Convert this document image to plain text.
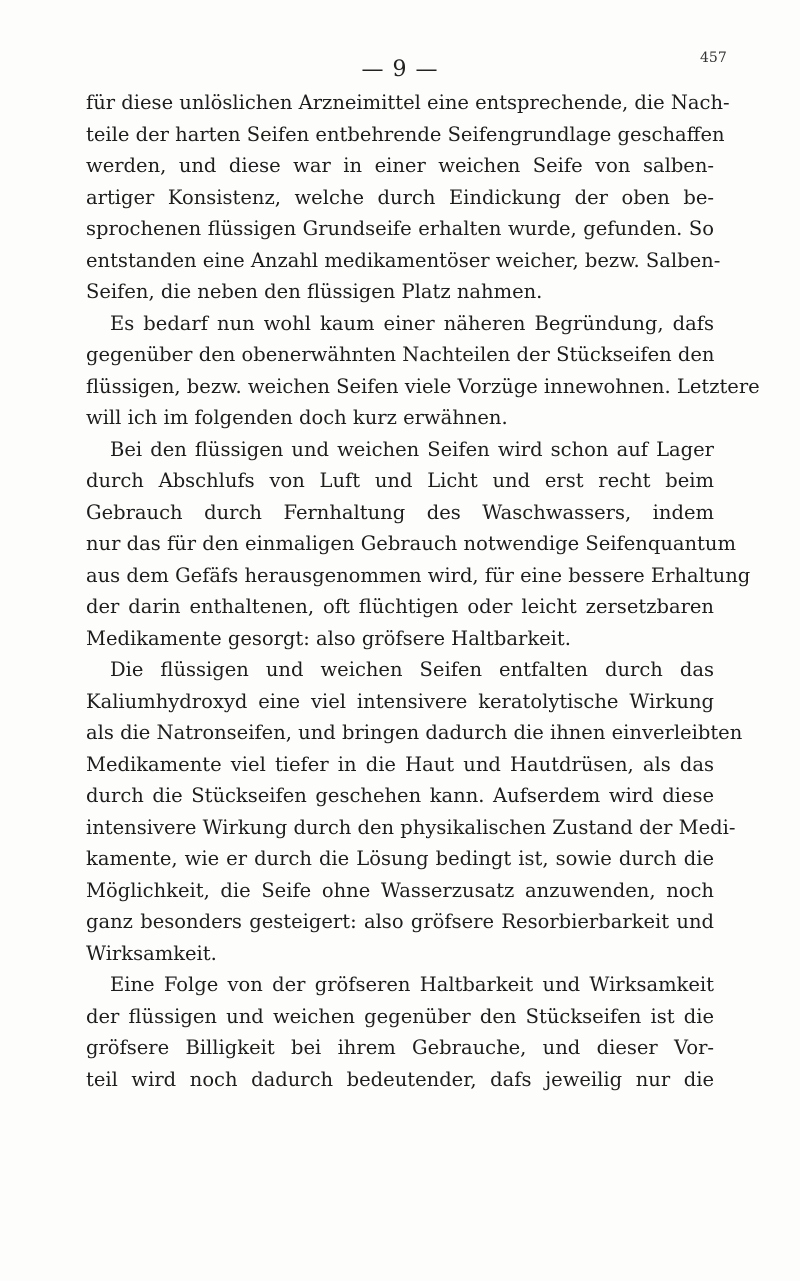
— 9 —	457
für diese unlöslichen Arzneimittel eine entsprechende, die Nach-
teile der harten Seifen entbehrende Seifengrundlage geschaffen
werden, und diese war in einer weichen Seife von salben-
artiger Konsistenz, welche durch Eindickung der oben be-
sprochenen flüssigen Grundseife erhalten wurde, gefunden. So
entstanden eine Anzahl medikamentöser weicher, bezw. Salben-
Seifen, die neben den flüssigen Platz nahmen.
Es bedarf nun wohl kaum einer näheren Begründung, dafs
gegenüber den obenerwähnten Nachteilen der Stückseifen den
flüssigen, bezw. weichen Seifen viele Vorzüge innewohnen. Letztere
will ich im folgenden doch kurz erwähnen.
Bei den flüssigen und weichen Seifen wird schon auf Lager
durch Abschlufs von Luft und Licht und erst recht beim
Gebrauch durch Fernhaltung des Waschwassers, indem
nur das für den einmaligen Gebrauch notwendige Seifenquantum
aus dem Gefäfs herausgenommen wird, für eine bessere Erhaltung
der darin enthaltenen, oft flüchtigen oder leicht zersetzbaren
Medikamente gesorgt: also gröfsere Haltbarkeit.
Die flüssigen und weichen Seifen entfalten durch das
Kaliumhydroxyd eine viel intensivere keratolytische Wirkung
als die Natronseifen, und bringen dadurch die ihnen einverleibten
Medikamente viel tiefer in die Haut und Hautdrüsen, als das
durch die Stückseifen geschehen kann. Aufserdem wird diese
intensivere Wirkung durch den physikalischen Zustand der Medi-
kamente, wie er durch die Lösung bedingt ist, sowie durch die
Möglichkeit, die Seife ohne Wasserzusatz anzuwenden, noch
ganz besonders gesteigert: also gröfsere Resorbierbarkeit und
Wirksamkeit.
Eine Folge von der gröfseren Haltbarkeit und Wirksamkeit
der flüssigen und weichen gegenüber den Stückseifen ist die
gröfsere Billigkeit bei ihrem Gebrauche, und dieser Vor-
teil wird noch dadurch bedeutender, dafs jeweilig nur die
